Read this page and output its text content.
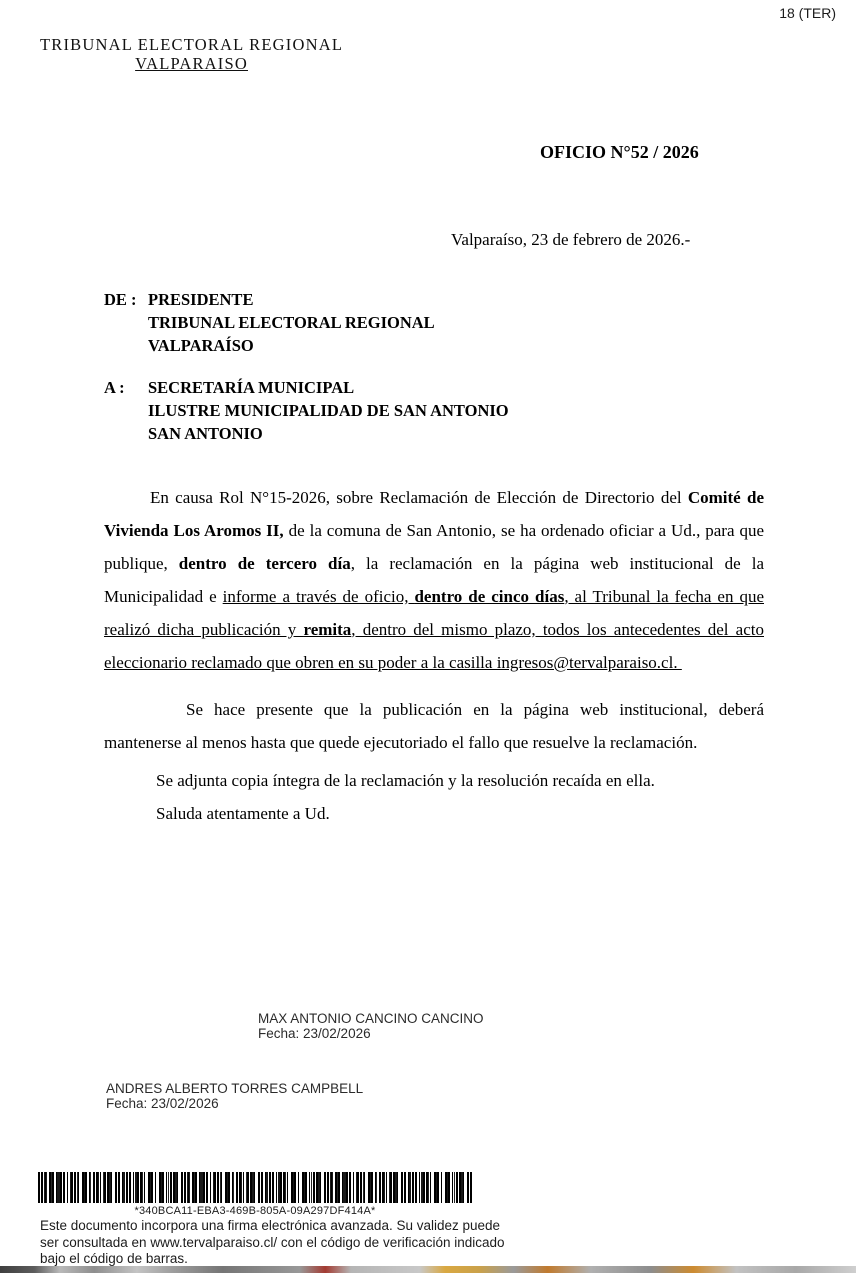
18 (TER)
TRIBUNAL ELECTORAL REGIONAL
VALPARAISO
OFICIO N°52 / 2026
Valparaíso, 23 de febrero de 2026.-
DE : PRESIDENTE
TRIBUNAL ELECTORAL REGIONAL
VALPARAÍSO
A :	SECRETARÍA MUNICIPAL
ILUSTRE MUNICIPALIDAD DE SAN ANTONIO
SAN ANTONIO

En causa Rol N°15-2026, sobre Reclamación de Elección de Directorio del Comité de Vivienda Los Aromos II, de la comuna de San Antonio, se ha ordenado oficiar a Ud., para que publique, dentro de tercero día, la reclamación en la página web institucional de la Municipalidad e informe a través de oficio, dentro de cinco días, al Tribunal la fecha en que realizó dicha publicación y remita, dentro del mismo plazo, todos los antecedentes del acto eleccionario reclamado que obren en su poder a la casilla ingresos@tervalparaiso.cl.

Se hace presente que la publicación en la página web institucional, deberá mantenerse al menos hasta que quede ejecutoriado el fallo que resuelve la reclamación.

Se adjunta copia íntegra de la reclamación y la resolución recaída en ella.

Saluda atentamente a Ud.

MAX ANTONIO CANCINO CANCINO
Fecha: 23/02/2026
ANDRES ALBERTO TORRES CAMPBELL
Fecha: 23/02/2026
*340BCA11-EBA3-469B-805A-09A297DF414A*
Este documento incorpora una firma electrónica avanzada. Su validez puede
ser consultada en www.tervalparaiso.cl/ con el código de verificación indicado
bajo el código de barras.
